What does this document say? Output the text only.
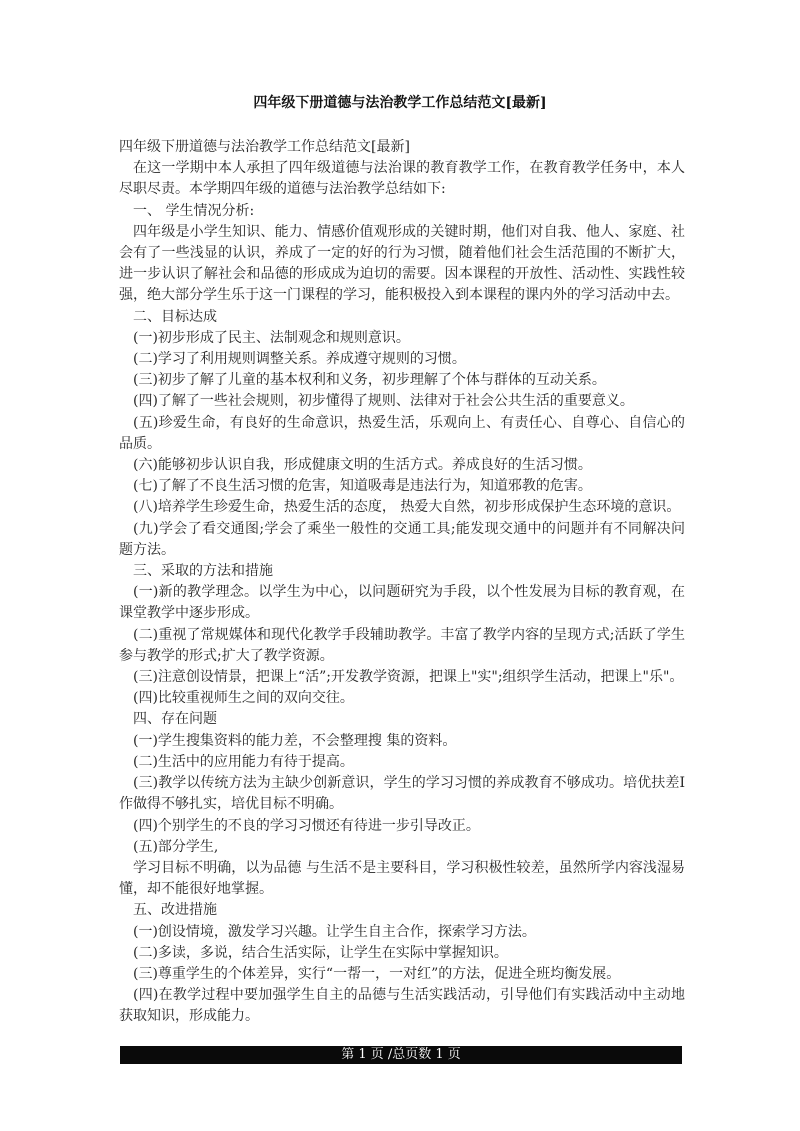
四年级下册道德与法治教学工作总结范文[最新]

四年级下册道德与法治教学工作总结范文[最新]

在这一学期中本人承担了四年级道德与法治课的教育教学工作，在教育教学任务中，本人尽职尽责。本学期四年级的道德与法治教学总结如下:

一、 学生情况分析:

四年级是小学生知识、能力、情感价值观形成的关键时期，他们对自我、他人、家庭、社会有了一些浅显的认识，养成了一定的好的行为习惯，随着他们社会生活范围的不断扩大，进一步认识了解社会和品德的形成成为迫切的需要。因本课程的开放性、活动性、实践性较强，绝大部分学生乐于这一门课程的学习，能积极投入到本课程的课内外的学习活动中去。

二、目标达成

(一)初步形成了民主、法制观念和规则意识。

(二)学习了利用规则调整关系。养成遵守规则的习惯。

(三)初步了解了儿童的基本权利和义务，初步理解了个体与群体的互动关系。

(四)了解了一些社会规则，初步懂得了规则、法律对于社会公共生活的重要意义。

(五)珍爱生命，有良好的生命意识，热爱生活，乐观向上、有责任心、自尊心、自信心的品质。

(六)能够初步认识自我，形成健康文明的生活方式。养成良好的生活习惯。

(七)了解了不良生活习惯的危害，知道吸毒是违法行为，知道邪教的危害。

(八)培养学生珍爱生命，热爱生活的态度， 热爱大自然，初步形成保护生态环境的意识。

(九)学会了看交通图;学会了乘坐一般性的交通工具;能发现交通中的问题并有不同解决问题方法。

三、采取的方法和措施

(一)新的教学理念。以学生为中心，以问题研究为手段，以个性发展为目标的教育观，在课堂教学中逐步形成。

(二)重视了常规媒体和现代化教学手段辅助教学。丰富了教学内容的呈现方式;活跃了学生参与教学的形式;扩大了教学资源。

(三)注意创设情景，把课上“活”;开发教学资源，把课上"实";组织学生活动，把课上"乐"。

(四)比较重视师生之间的双向交往。

四、存在问题

(一)学生搜集资料的能力差，不会整理搜 集的资料。

(二)生活中的应用能力有待于提高。

(三)教学以传统方法为主缺少创新意识，学生的学习习惯的养成教育不够成功。培优扶差Ⅰ作做得不够扎实，培优目标不明确。

(四)个别学生的不良的学习习惯还有待进一步引导改正。

(五)部分学生,

学习目标不明确，以为品德 与生活不是主要科目，学习积极性较差，虽然所学内容浅湿易懂，却不能很好地掌握。

五、改进措施

(一)创设情境，激发学习兴趣。让学生自主合作，探索学习方法。

(二)多读，多说，结合生活实际，让学生在实际中掌握知识。

(三)尊重学生的个体差异，实行“一帮一，一对红”的方法，促进全班均衡发展。

(四)在教学过程中要加强学生自主的品德与生活实践活动，引导他们有实践活动中主动地获取知识，形成能力。

第 1 页 /总页数 1 页
